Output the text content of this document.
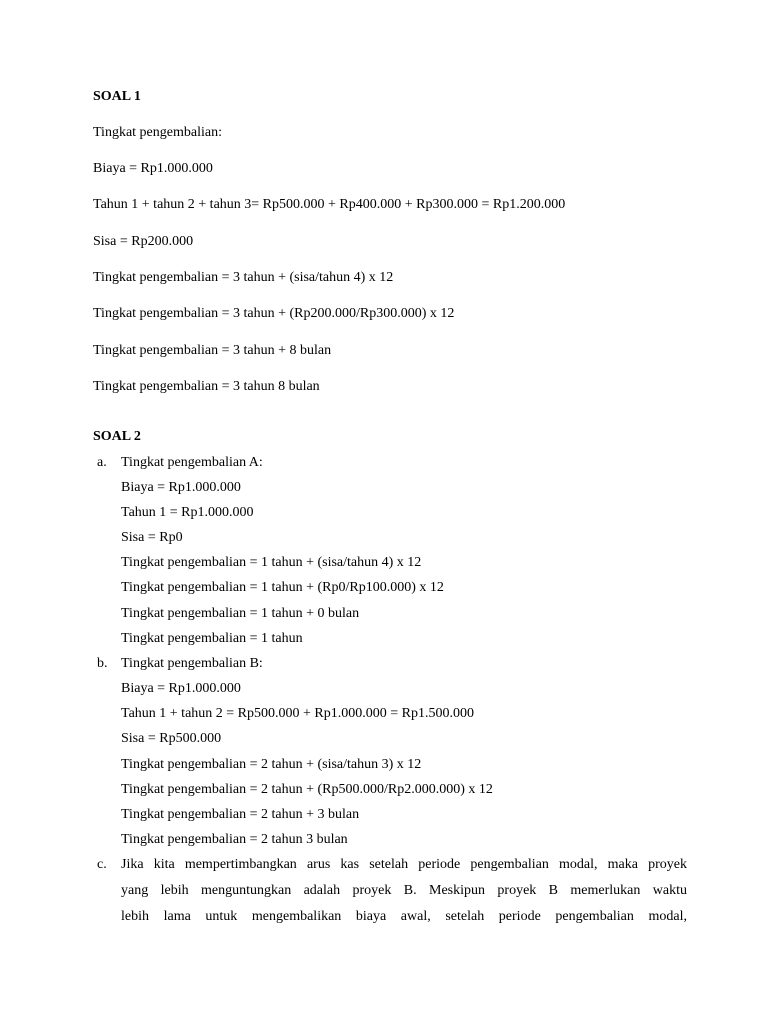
SOAL 1
Tingkat pengembalian:
Biaya = Rp1.000.000
Tahun 1 + tahun 2 + tahun 3= Rp500.000 + Rp400.000 + Rp300.000 = Rp1.200.000
Sisa = Rp200.000
Tingkat pengembalian = 3 tahun + (sisa/tahun 4) x 12
Tingkat pengembalian = 3 tahun + (Rp200.000/Rp300.000) x 12
Tingkat pengembalian = 3 tahun + 8 bulan
Tingkat pengembalian = 3 tahun 8 bulan
SOAL 2
a. Tingkat pengembalian A:
Biaya = Rp1.000.000
Tahun 1 = Rp1.000.000
Sisa = Rp0
Tingkat pengembalian = 1 tahun + (sisa/tahun 4) x 12
Tingkat pengembalian = 1 tahun + (Rp0/Rp100.000) x 12
Tingkat pengembalian = 1 tahun + 0 bulan
Tingkat pengembalian = 1 tahun
b. Tingkat pengembalian B:
Biaya = Rp1.000.000
Tahun 1 + tahun 2 = Rp500.000 + Rp1.000.000 = Rp1.500.000
Sisa = Rp500.000
Tingkat pengembalian = 2 tahun + (sisa/tahun 3) x 12
Tingkat pengembalian = 2 tahun + (Rp500.000/Rp2.000.000) x 12
Tingkat pengembalian = 2 tahun + 3 bulan
Tingkat pengembalian = 2 tahun 3 bulan
c. Jika kita mempertimbangkan arus kas setelah periode pengembalian modal, maka proyek
yang lebih menguntungkan adalah proyek B. Meskipun proyek B memerlukan waktu
lebih lama untuk mengembalikan biaya awal, setelah periode pengembalian modal,
